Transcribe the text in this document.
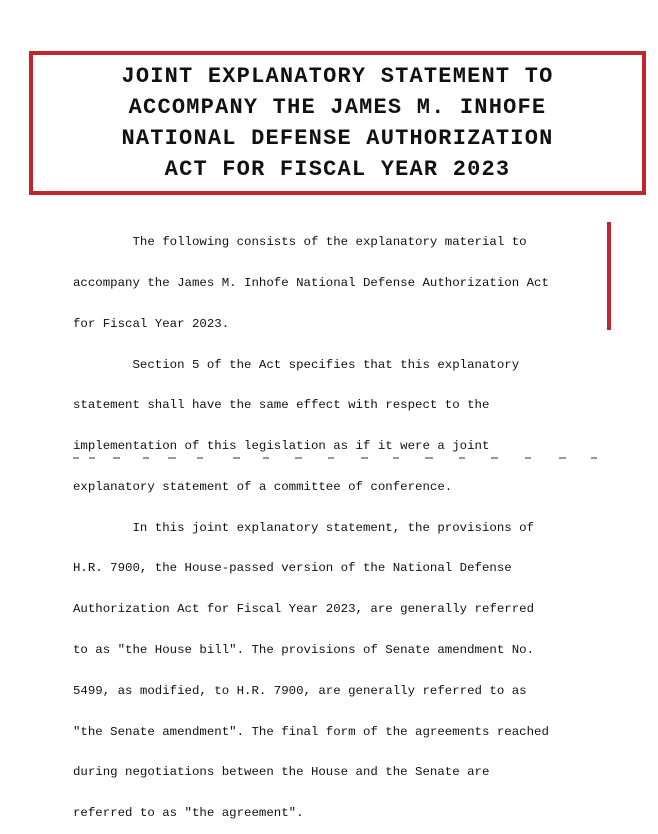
JOINT EXPLANATORY STATEMENT TO
ACCOMPANY THE JAMES M. INHOFE
NATIONAL DEFENSE AUTHORIZATION
ACT FOR FISCAL YEAR 2023

The following consists of the explanatory material to

accompany the James M. Inhofe National Defense Authorization Act

for Fiscal Year 2023.

Section 5 of the Act specifies that this explanatory

statement shall have the same effect with respect to the

implementation of this legislation as if it were a joint

explanatory statement of a committee of conference.

In this joint explanatory statement, the provisions of

H.R. 7900, the House-passed version of the National Defense

Authorization Act for Fiscal Year 2023, are generally referred

to as "the House bill". The provisions of Senate amendment No.

5499, as modified, to H.R. 7900, are generally referred to as

"the Senate amendment". The final form of the agreements reached

during negotiations between the House and the Senate are

referred to as "the agreement".
